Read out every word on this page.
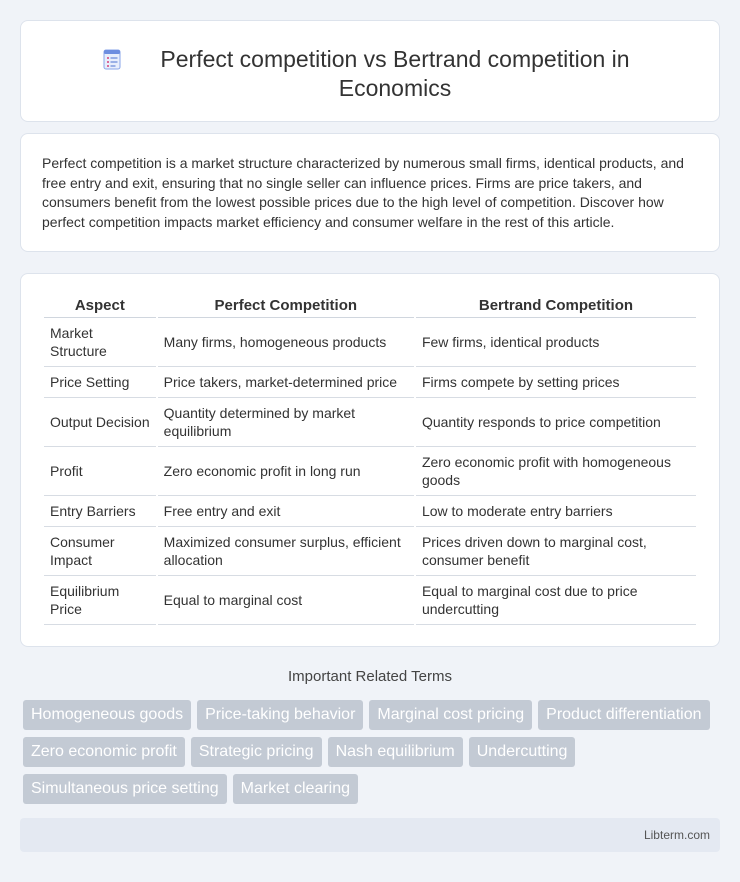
Perfect competition vs Bertrand competition in Economics

Perfect competition is a market structure characterized by numerous small firms, identical products, and free entry and exit, ensuring that no single seller can influence prices. Firms are price takers, and consumers benefit from the lowest possible prices due to the high level of competition. Discover how perfect competition impacts market efficiency and consumer welfare in the rest of this article.

Aspect	Perfect Competition	Bertrand Competition
Market Structure	Many firms, homogeneous products	Few firms, identical products
Price Setting	Price takers, market-determined price	Firms compete by setting prices
Output Decision	Quantity determined by market equilibrium	Quantity responds to price competition
Profit	Zero economic profit in long run	Zero economic profit with homogeneous goods
Entry Barriers	Free entry and exit	Low to moderate entry barriers
Consumer Impact	Maximized consumer surplus, efficient allocation	Prices driven down to marginal cost, consumer benefit
Equilibrium Price	Equal to marginal cost	Equal to marginal cost due to price undercutting
Important Related Terms
Homogeneous goods	Price-taking behavior	Marginal cost pricing	Product differentiation
Zero economic profit	Strategic pricing	Nash equilibrium	Undercutting
Simultaneous price setting	Market clearing
Libterm.com
